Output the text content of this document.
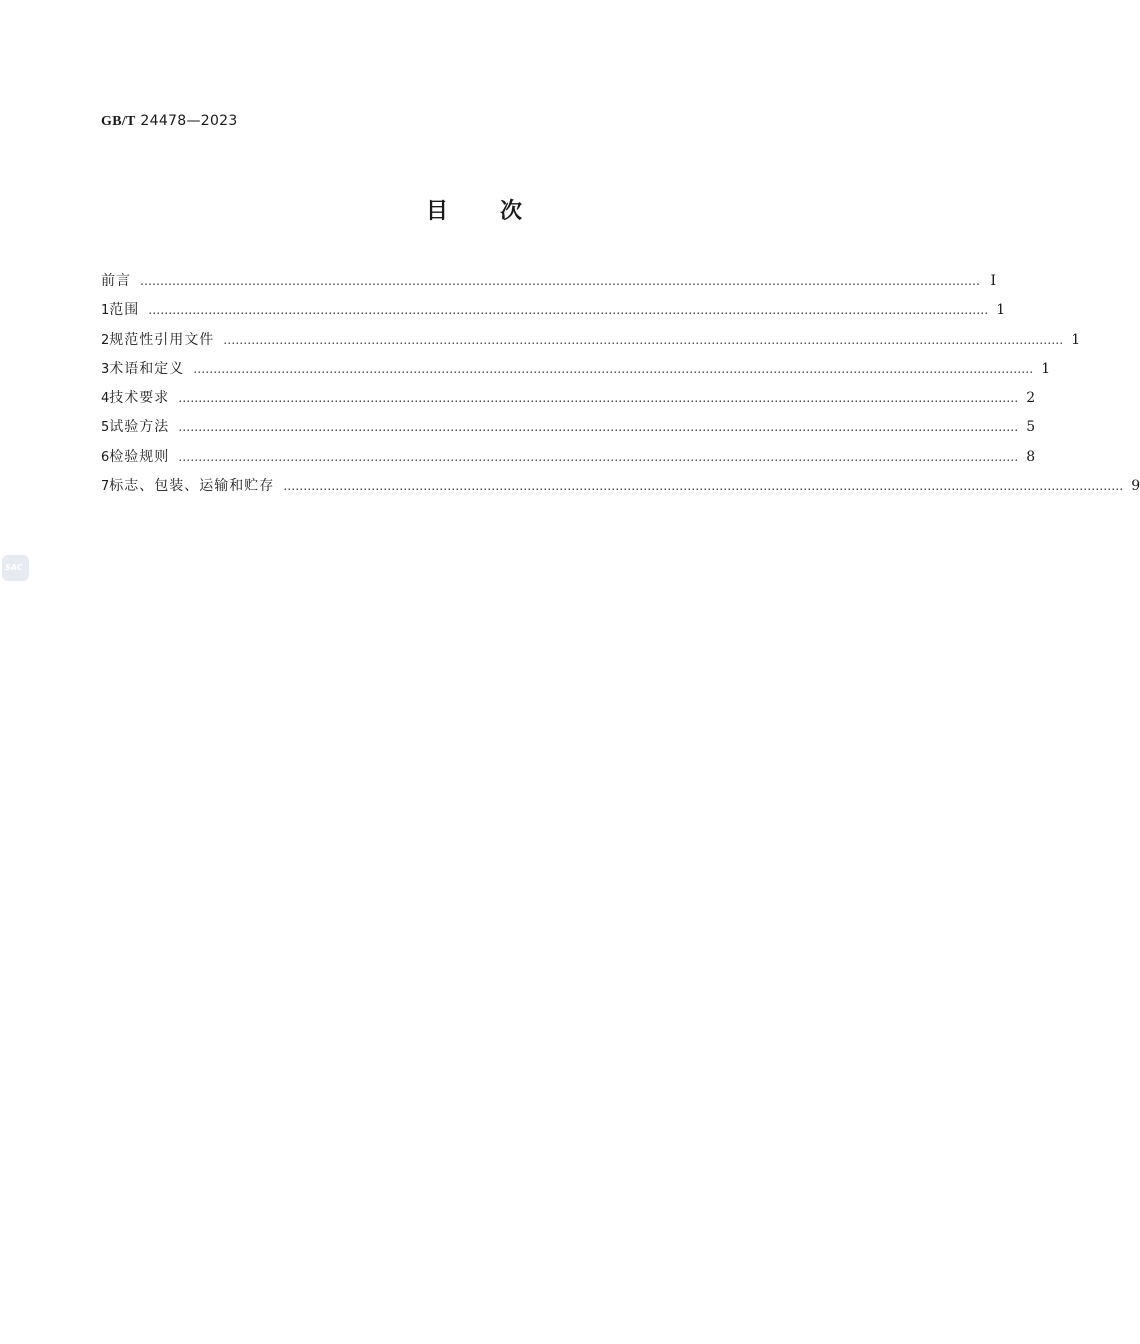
GB/T 24478—2023
目 次
前言 ………………………………………………………………………………………………………………………………………………………………………………………… Ⅰ
1 范围 ………………………………………………………………………………………………………………………………………………………………………………………… 1
2 规范性引用文件 ………………………………………………………………………………………………………………………………………………………………………………………… 1
3 术语和定义 ………………………………………………………………………………………………………………………………………………………………………………………… 1
4 技术要求 ………………………………………………………………………………………………………………………………………………………………………………………… 2
5 试验方法 ………………………………………………………………………………………………………………………………………………………………………………………… 5
6 检验规则 ………………………………………………………………………………………………………………………………………………………………………………………… 8
7 标志、包装、运输和贮存 ………………………………………………………………………………………………………………………………………………………………………………………… 9
SAC
